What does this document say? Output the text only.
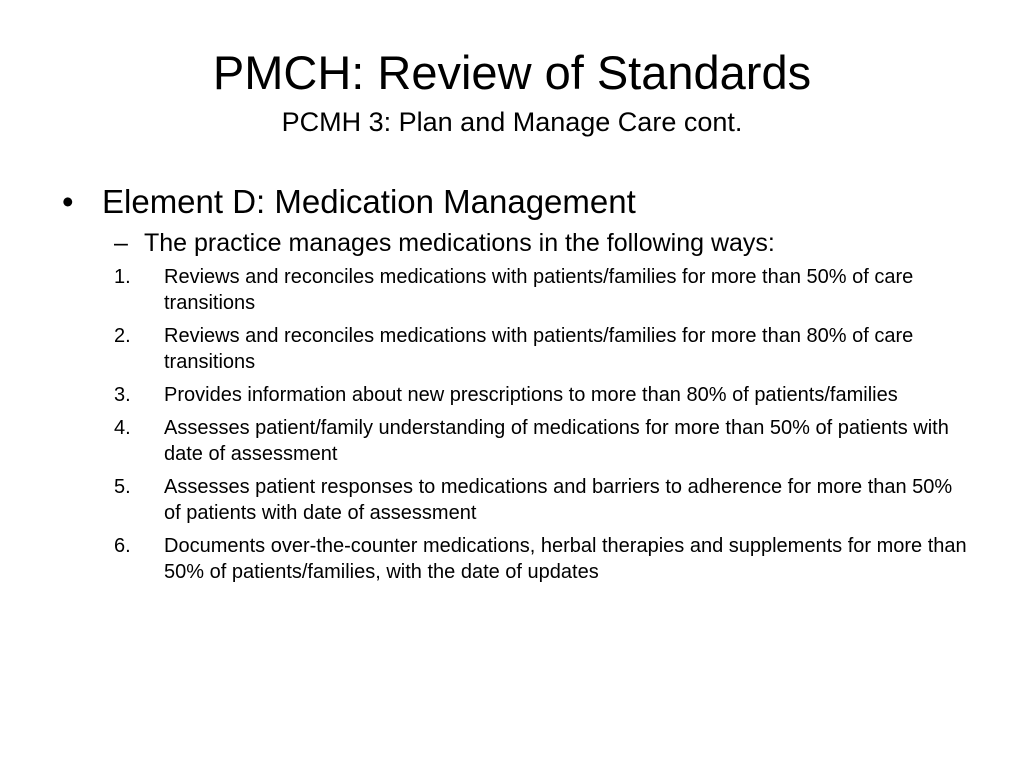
PMCH: Review of Standards
PCMH 3: Plan and Manage Care cont.
• Element D: Medication Management
– The practice manages medications in the following ways:
1.	Reviews and reconciles medications with patients/families for more than 50% of care transitions
2.	Reviews and reconciles medications with patients/families for more than 80% of care transitions
3.	Provides information about new prescriptions to more than 80% of patients/families
4.	Assesses patient/family understanding of medications for more than 50% of patients with date of assessment
5.	Assesses patient responses to medications and barriers to adherence for more than 50% of patients with date of assessment
6.	Documents over-the-counter medications, herbal therapies and supplements for more than 50% of patients/families, with the date of updates
